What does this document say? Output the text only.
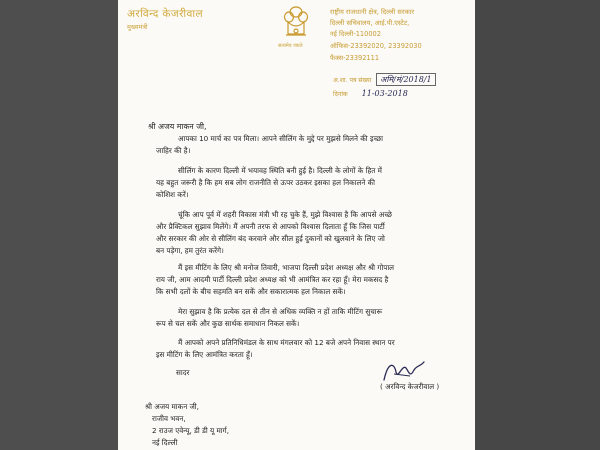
अरविन्द केजरीवाल
मुख्यमंत्री
सत्यमेव जयते
राष्ट्रीय राजधानी क्षेत्र, दिल्ली सरकार
दिल्ली सचिवालय, आई.पी.एस्टेट,
नई दिल्ली-110002
ऑफिस-23392020, 23392030
फैक्स-23392111
अ.शा. पत्र संख्या अमि/मं/2018/1
दिनांक 11-03-2018
श्री अजय माकन जी,
आपका 10 मार्च का पत्र मिला। आपने सीलिंग के मुद्दे पर मुझसे मिलने की इच्छा
जाहिर की है।
सीलिंग के कारण दिल्ली में भयावह स्थिति बनी हुई है। दिल्ली के लोगों के हित में
यह बहुत जरूरी है कि हम सब लोग राजनीति से ऊपर उठकर इसका हल निकालने की
कोशिश करें।
चूंकि आप पूर्व में शहरी विकास मंत्री भी रह चुके हैं, मुझे विश्वास है कि आपसे अच्छे
और प्रैक्टिकल सुझाव मिलेंगे। मैं अपनी तरफ से आपको विश्वास दिलाता हूँ कि जिस पार्टी
और सरकार की ओर से सीलिंग बंद करवाने और सील हुई दुकानों को खुलवाने के लिए जो
बन पड़ेगा, हम तुरंत करेंगे।
मैं इस मीटिंग के लिए श्री मनोज तिवारी, भाजपा दिल्ली प्रदेश अध्यक्ष और श्री गोपाल
राय जी, आम आदमी पार्टी दिल्ली प्रदेश अध्यक्ष को भी आमंत्रित कर रहा हूँ। मेरा मकसद है
कि सभी दलों के बीच सहमति बन सकें और सकारात्मक हल निकाल सकें।
मेरा सुझाव है कि प्रत्येक दल से तीन से अधिक व्यक्ति न हों ताकि मीटिंग सुचारू
रूप से चल सकें और कुछ सार्थक समाधान निकल सकें।
मैं आपको अपने प्रतिनिधिमंडल के साथ मंगलवार को 12 बजे अपने निवास स्थान पर
इस मीटिंग के लिए आमंत्रित करता हूँ।
सादर
( अरविन्द केजरीवाल )
श्री अजय माकन जी,
राजीव भवन,
2 राउज एवेन्यू, डी डी यू मार्ग,
नई दिल्ली
